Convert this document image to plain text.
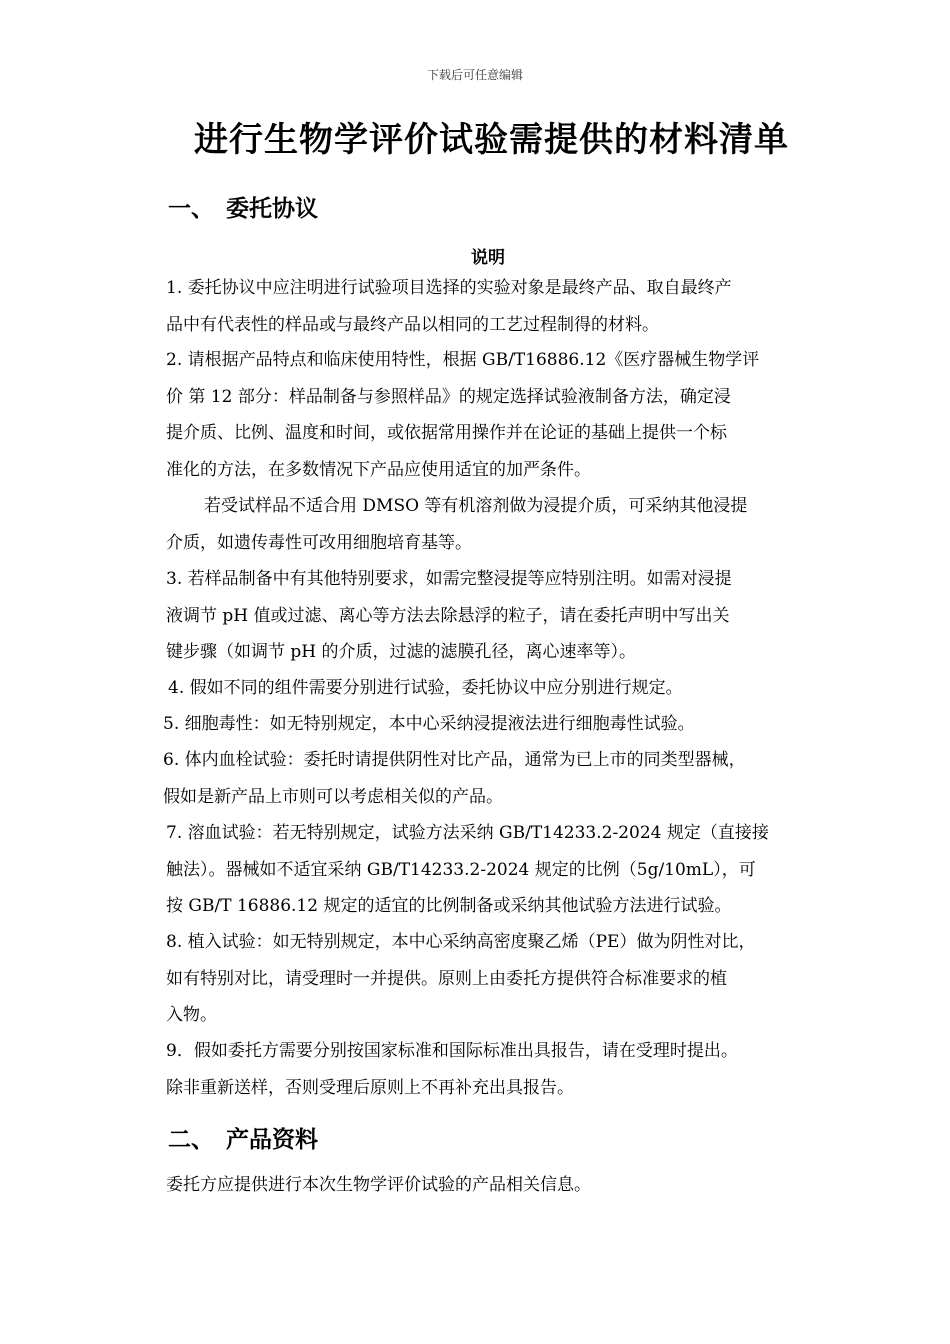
下载后可任意编辑
进行生物学评价试验需提供的材料清单
一、 委托协议
说明
1. 委托协议中应注明进行试验项目选择的实验对象是最终产品、取自最终产
品中有代表性的样品或与最终产品以相同的工艺过程制得的材料。
2. 请根据产品特点和临床使用特性，根据 GB/T16886.12《医疗器械生物学评
价 第 12 部分：样品制备与参照样品》的规定选择试验液制备方法，确定浸
提介质、比例、温度和时间，或依据常用操作并在论证的基础上提供一个标
准化的方法，在多数情况下产品应使用适宜的加严条件。
若受试样品不适合用 DMSO 等有机溶剂做为浸提介质，可采纳其他浸提
介质，如遗传毒性可改用细胞培育基等。
3. 若样品制备中有其他特别要求，如需完整浸提等应特别注明。如需对浸提
液调节 pH 值或过滤、离心等方法去除悬浮的粒子，请在委托声明中写出关
键步骤（如调节 pH 的介质，过滤的滤膜孔径，离心速率等）。
4. 假如不同的组件需要分别进行试验，委托协议中应分别进行规定。
5. 细胞毒性：如无特别规定，本中心采纳浸提液法进行细胞毒性试验。
6. 体内血栓试验：委托时请提供阴性对比产品，通常为已上市的同类型器械，
假如是新产品上市则可以考虑相关似的产品。
7. 溶血试验：若无特别规定，试验方法采纳 GB/T14233.2-2024 规定（直接接
触法）。器械如不适宜采纳 GB/T14233.2-2024 规定的比例（5g/10mL），可
按 GB/T 16886.12 规定的适宜的比例制备或采纳其他试验方法进行试验。
8. 植入试验：如无特别规定，本中心采纳高密度聚乙烯（PE）做为阴性对比，
如有特别对比，请受理时一并提供。原则上由委托方提供符合标准要求的植
入物。
9．假如委托方需要分别按国家标准和国际标准出具报告，请在受理时提出。
除非重新送样，否则受理后原则上不再补充出具报告。
二、 产品资料
委托方应提供进行本次生物学评价试验的产品相关信息。
